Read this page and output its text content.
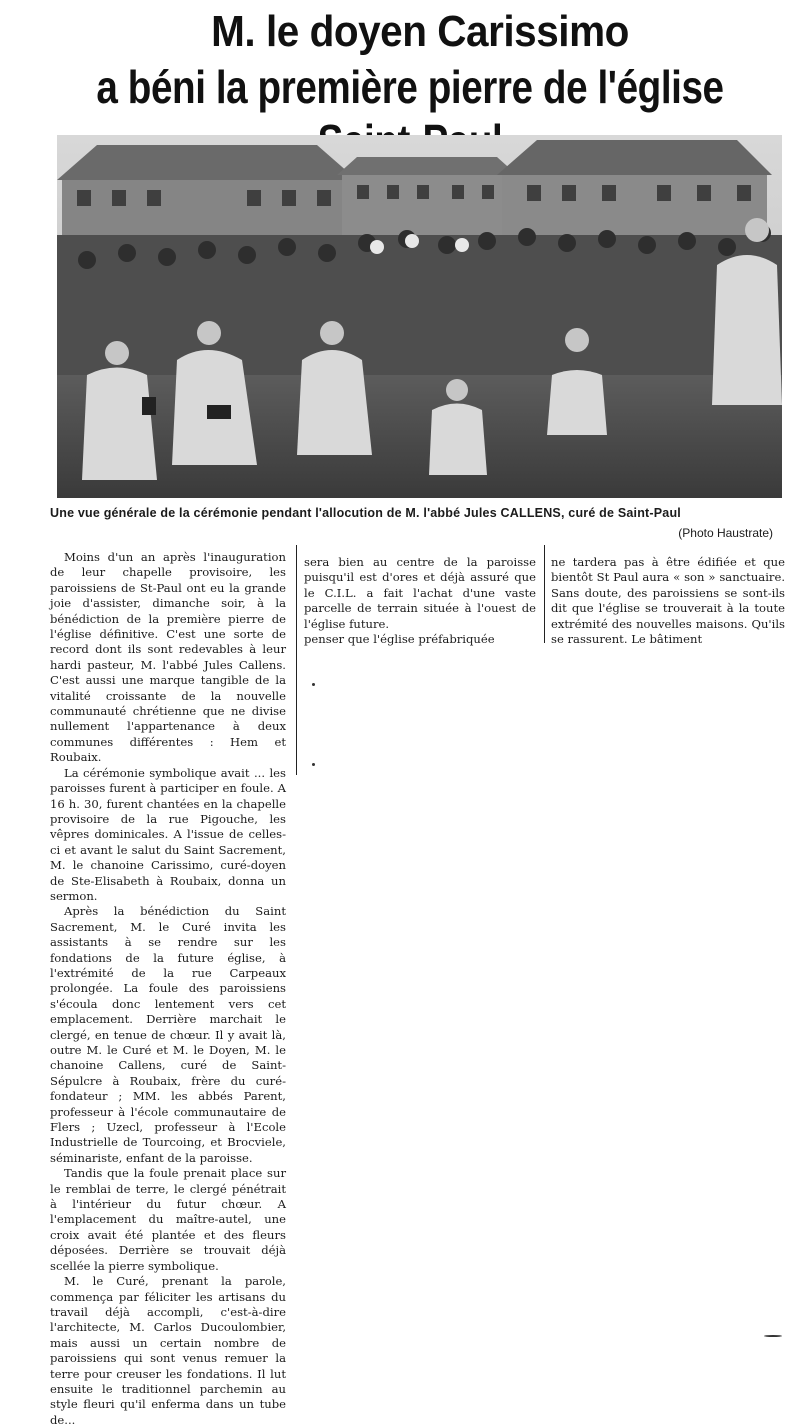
M. le doyen Carissimo
a béni la première pierre de l'église
Une vue générale de la cérémonie pendant l'allocution de M. l'abbé Jules CALLENS, curé de Saint-Paul
(Photo Haustrate)

Moins d'un an après l'inauguration de leur chapelle provisoire, les paroissiens de St-Paul ont eu la grande joie d'assister, dimanche soir, à la bénédiction de la première pierre de l'église définitive. C'est une sorte de record dont ils sont redevables à leur hardi pasteur, M. l'abbé Jules Callens. C'est aussi une marque tangible de la vitalité croissante de la nouvelle communauté chrétienne que ne divise nullement l'appartenance à deux communes différentes : Hem et Roubaix.

La cérémonie symbolique avait ... les paroisses furent à participer en foule. A 16 h. 30, furent chantées en la chapelle provisoire de la rue Pigouche, les vêpres dominicales. A l'issue de celles-ci et avant le salut du Saint Sacrement, M. le chanoine Carissimo, curé-doyen de Ste-Elisabeth à Roubaix, donna un sermon.

Après la bénédiction du Saint Sacrement, M. le Curé invita les assistants à se rendre sur les fondations de la future église, à l'extrémité de la rue Carpeaux prolongée. La foule des paroissiens s'écoula donc lentement vers cet emplacement. Derrière marchait le clergé, en tenue de chœur. Il y avait là, outre M. le Curé et M. le Doyen, M. le chanoine Callens, curé de Saint-Sépulcre à Roubaix, frère du curé-fondateur ; MM. les abbés Parent, professeur à l'école communautaire de Flers ; Uzecl, professeur à l'Ecole Industrielle de Tourcoing, et Brocviele, séminariste, enfant de la paroisse.

Tandis que la foule prenait place sur le remblai de terre, le clergé pénétrait à l'intérieur du futur chœur. A l'emplacement du maître-autel, une croix avait été plantée et des fleurs déposées. Derrière se trouvait déjà scellée la pierre symbolique.

M. le Curé, prenant la parole, commença par féliciter les artisans du travail déjà accompli, c'est-à-dire l'architecte, M. Carlos Ducoulombier, mais aussi un certain nombre de paroissiens qui sont venus remuer la terre pour creuser les fondations. Il lut ensuite le traditionnel parchemin au style fleuri qu'il enferma dans un tube de...

sera bien au centre de la paroisse puisqu'il est d'ores et déjà assuré que le C.I.L. a fait l'achat d'une vaste parcelle de terrain située à l'ouest de l'église future.

penser que l'église préfabriquée

ne tardera pas à être édifiée et que bientôt St Paul aura « son » sanctuaire. Sans doute, des paroissiens se sont-ils dit que l'église se trouverait à la toute extrémité des nouvelles maisons. Qu'ils se rassurent. Le bâtiment
